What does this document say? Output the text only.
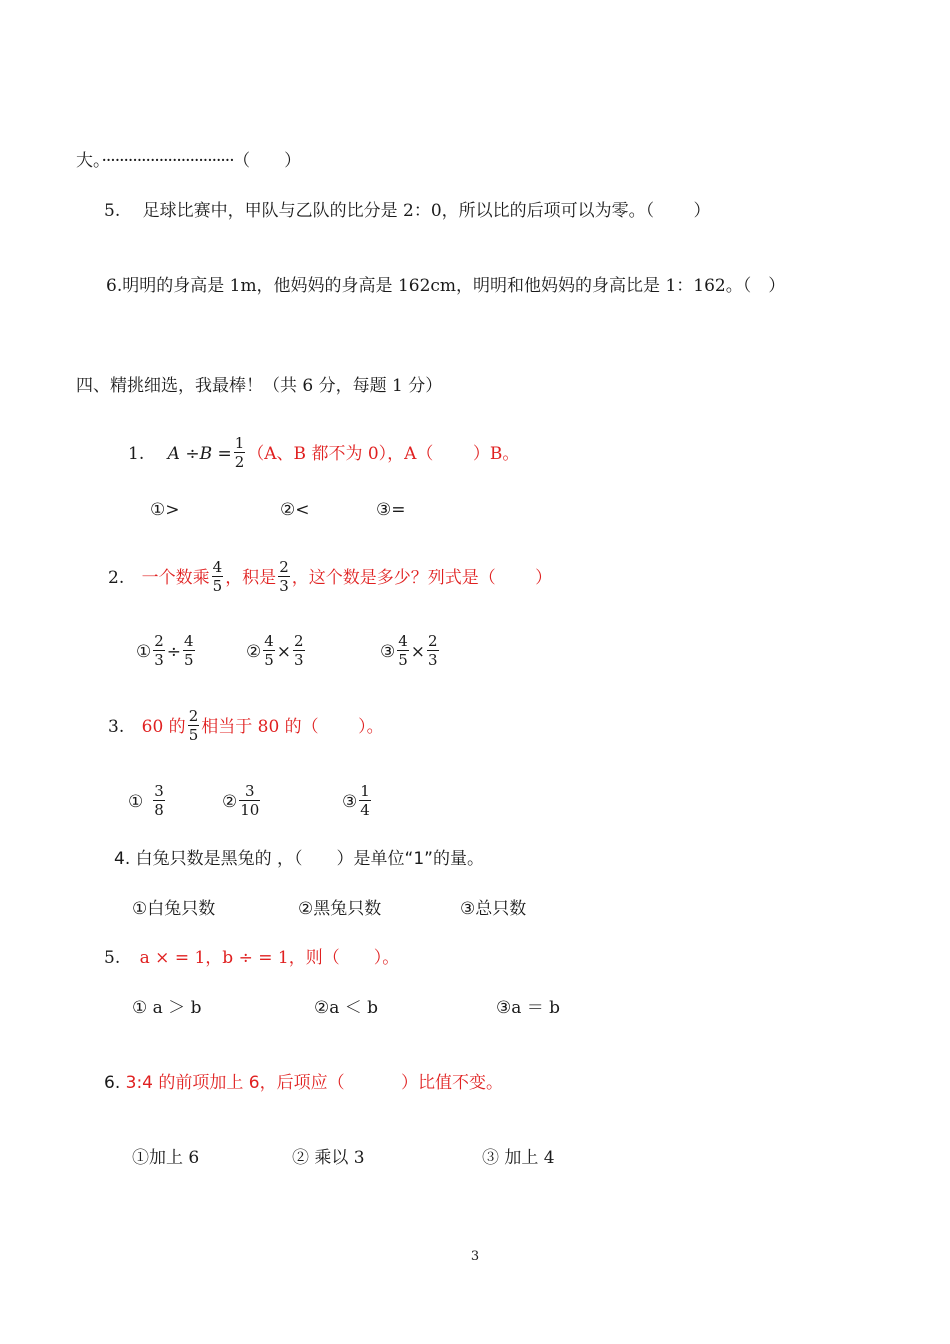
大。······························ （　　）
5.　 足球比赛中，甲队与乙队的比分是 2：0，所以比的后项可以为零。（　　 ）
6.明明的身高是 1m，他妈妈的身高是 162cm，明明和他妈妈的身高比是 1：162。（　）
四、精挑细选，我最棒！（共 6 分，每题 1 分）
1. $A \div B = \frac{1}{2} (A$、B 都不为 0），A（　　 ）B。
①>	②<	③=
2. 一个数乘 $\frac{4}{5}$ ，积是 $\frac{2}{3}$ ，这个数是多少？列式是（　　 ）
① $\frac{2}{3} \div \frac{4}{5}$	② $\frac{4}{5} \times \frac{2}{3}$	③ $\frac{4}{5} \times \frac{2}{3}$
3. 60 的 $\frac{2}{5}$ 相当于 80 的（　　 ）。
① $\frac{3}{8}$	② $\frac{3}{10}$	③ $\frac{1}{4}$
4. 白兔只数是黑兔的 ，（　　）是单位“1”的量。
①白兔只数	②黑兔只数	③总只数
5. a × = 1，b ÷ = 1，则（　　）。
① a ＞ b	②a ＜ b	③a ＝ b
6. 3:4 的前项加上 6，后项应（　　　 ）比值不变。
①加上 6	② 乘以 3	③ 加上 4
3
